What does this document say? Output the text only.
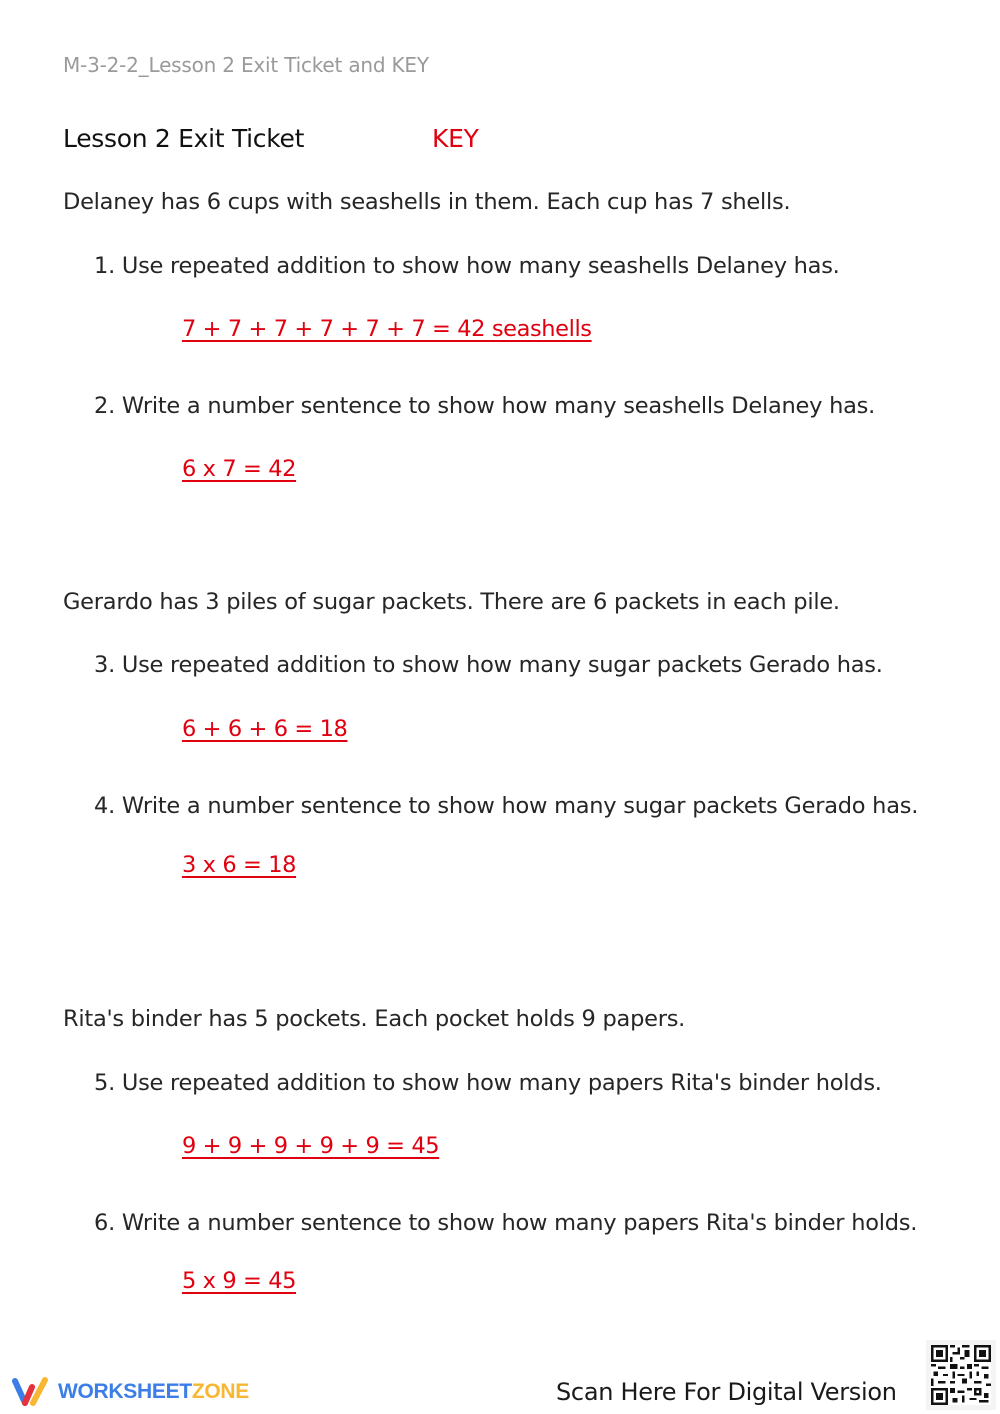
M-3-2-2_Lesson 2 Exit Ticket and KEY
Lesson 2 Exit Ticket	KEY
Delaney has 6 cups with seashells in them. Each cup has 7 shells.
1. Use repeated addition to show how many seashells Delaney has.
7 + 7 + 7 + 7 + 7 + 7 = 42 seashells
2. Write a number sentence to show how many seashells Delaney has.
6 x 7 = 42
Gerardo has 3 piles of sugar packets. There are 6 packets in each pile.
3. Use repeated addition to show how many sugar packets Gerado has.
6 + 6 + 6 = 18
4. Write a number sentence to show how many sugar packets Gerado has.
3 x 6 = 18
Rita's binder has 5 pockets. Each pocket holds 9 papers.
5. Use repeated addition to show how many papers Rita's binder holds.
9 + 9 + 9 + 9 + 9 = 45
6. Write a number sentence to show how many papers Rita's binder holds.
5 x 9 = 45
WORKSHEETZONE	Scan Here For Digital Version
